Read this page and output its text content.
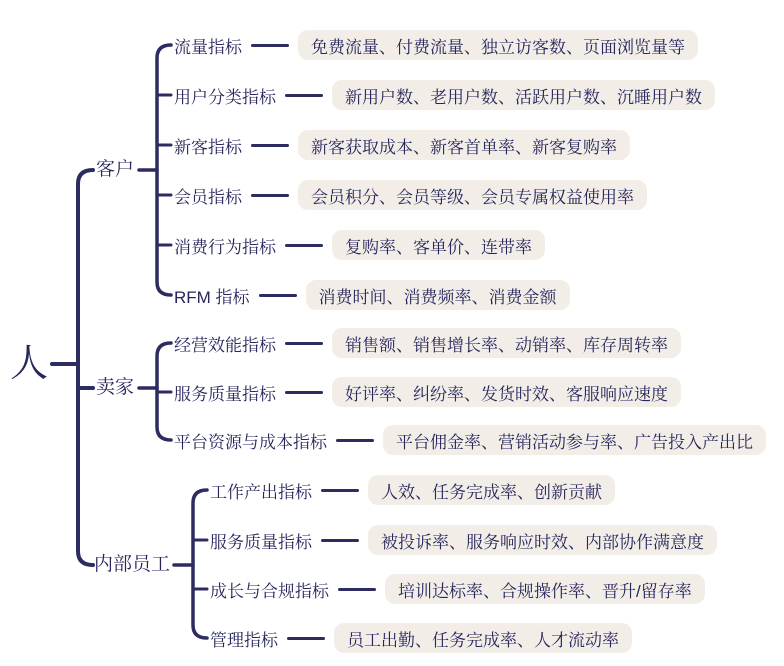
人
客户
卖家
内部员工
流量指标	免费流量、付费流量、独立访客数、页面浏览量等
用户分类指标	新用户数、老用户数、活跃用户数、沉睡用户数
新客指标	新客获取成本、新客首单率、新客复购率
会员指标	会员积分、会员等级、会员专属权益使用率
消费行为指标	复购率、客单价、连带率
RFM 指标	消费时间、消费频率、消费金额
经营效能指标	销售额、销售增长率、动销率、库存周转率
服务质量指标	好评率、纠纷率、发货时效、客服响应速度
平台资源与成本指标	平台佣金率、营销活动参与率、广告投入产出比
工作产出指标	人效、任务完成率、创新贡献
服务质量指标	被投诉率、服务响应时效、内部协作满意度
成长与合规指标	培训达标率、合规操作率、晋升/留存率
管理指标	员工出勤、任务完成率、人才流动率
